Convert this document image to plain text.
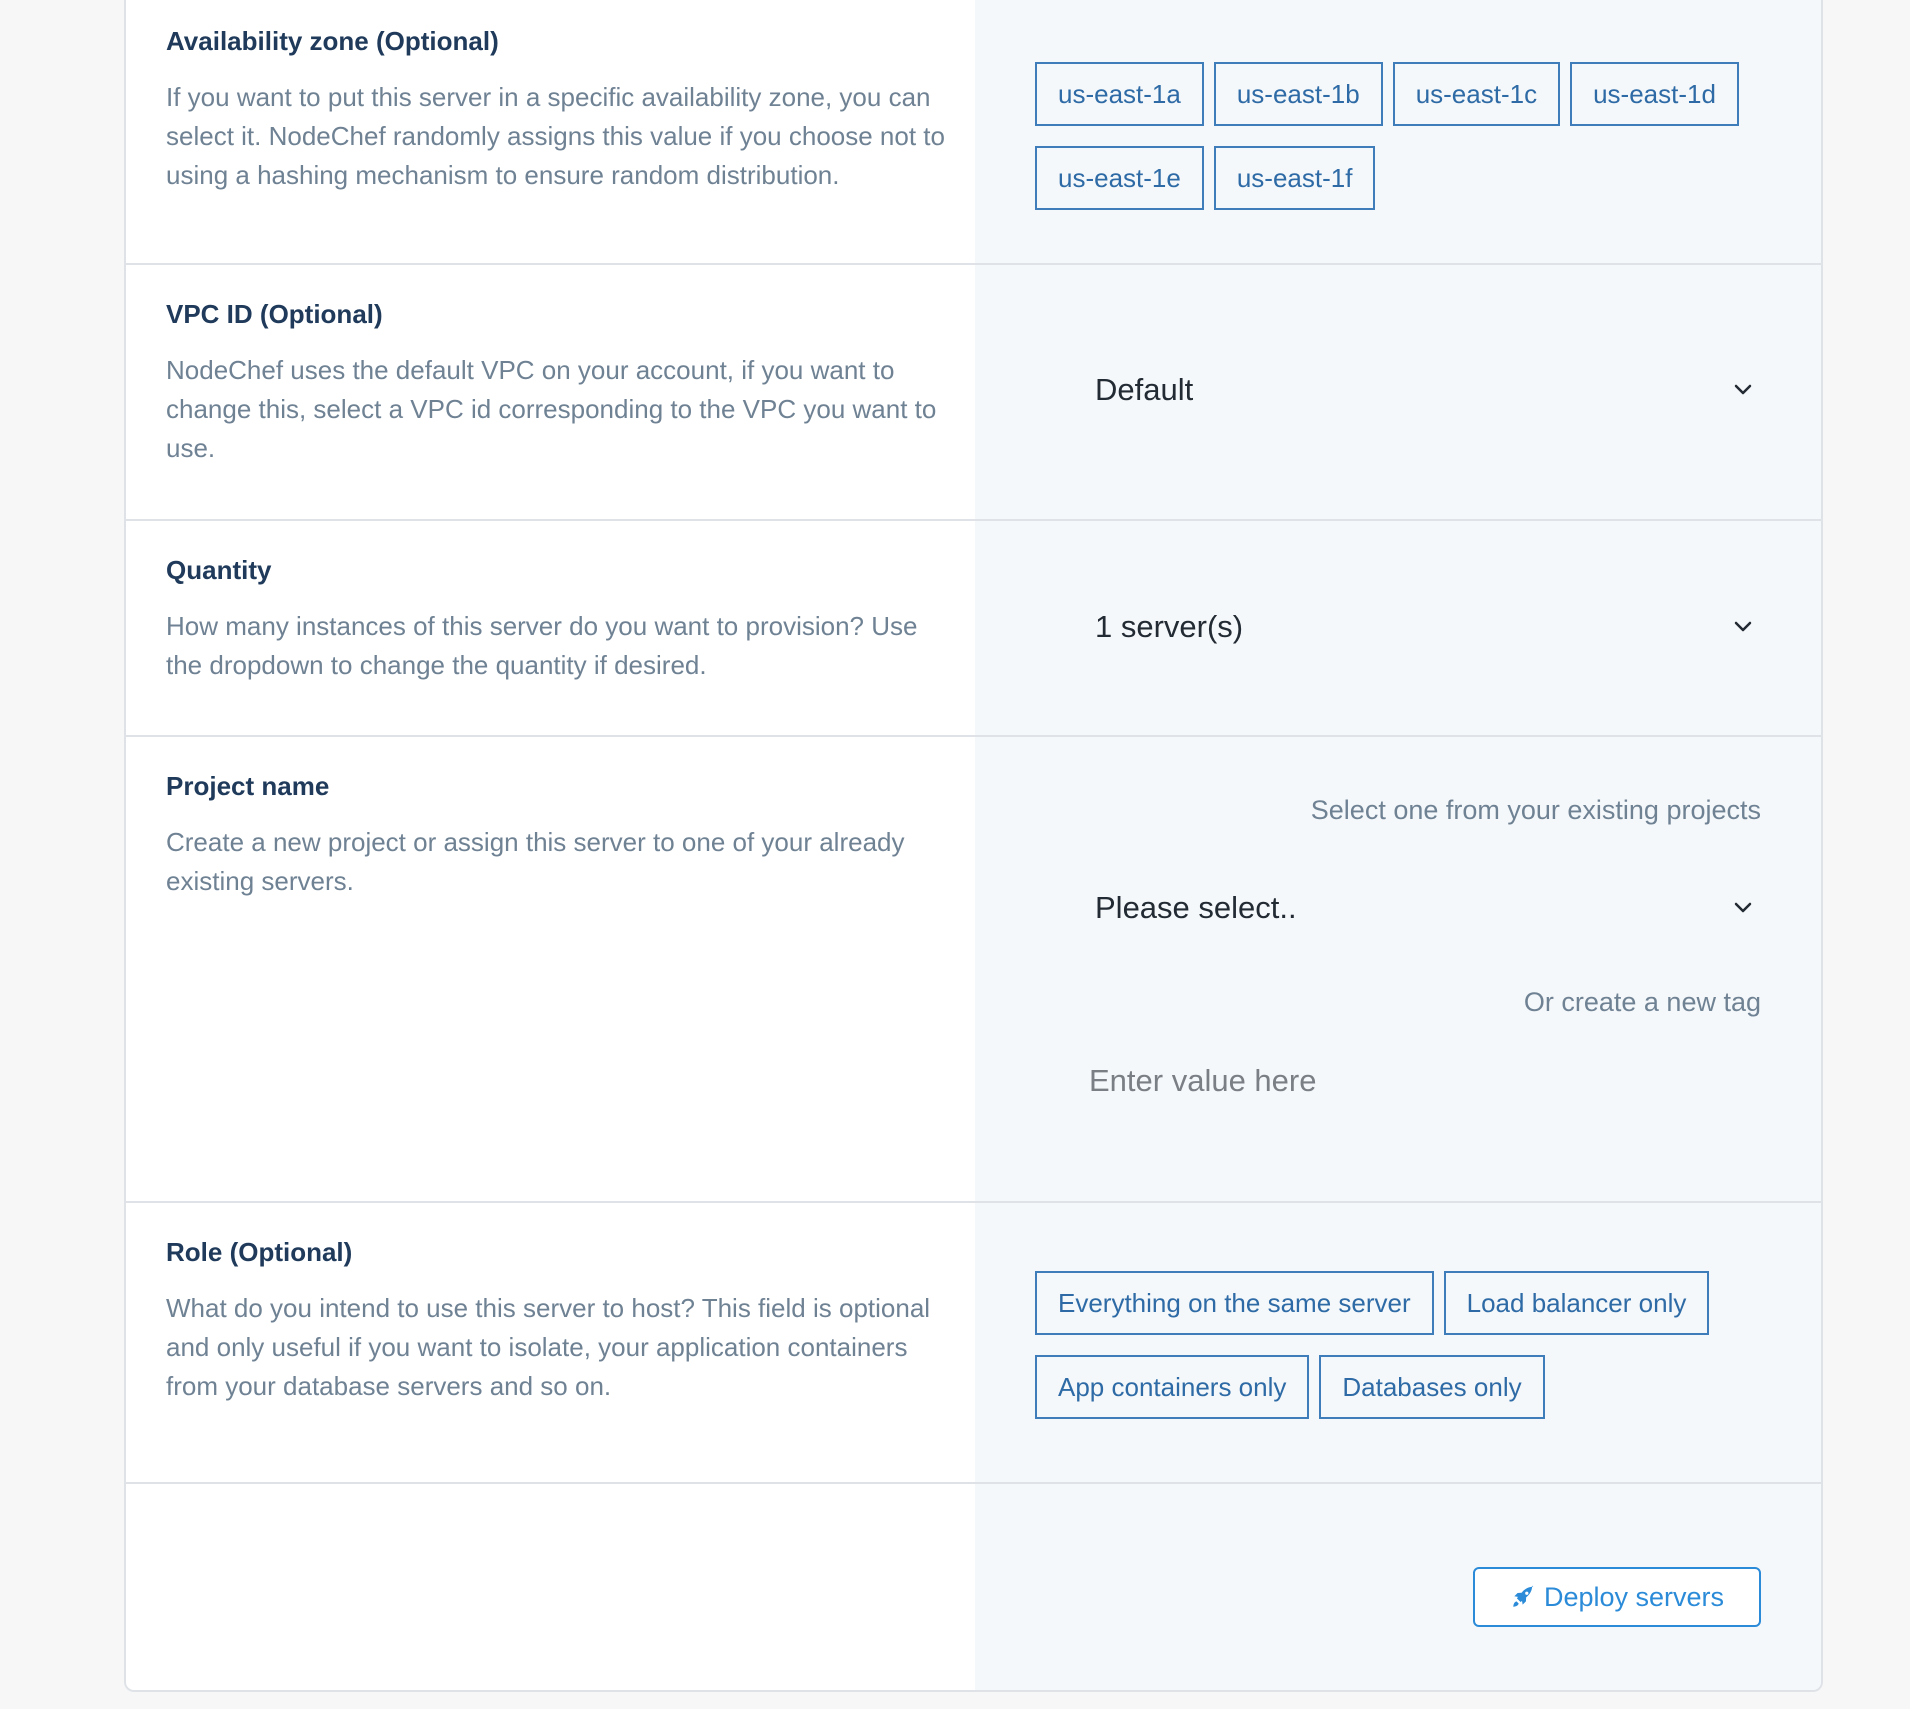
Availability zone (Optional)

If you want to put this server in a specific availability zone, you can select it. NodeChef randomly assigns this value if you choose not to using a hashing mechanism to ensure random distribution.

us-east-1a us-east-1b us-east-1c us-east-1dus-east-1e us-east-1f
VPC ID (Optional)

NodeChef uses the default VPC on your account, if you want to change this, select a VPC id corresponding to the VPC you want to use.

Default
Quantity

How many instances of this server do you want to provision? Use the dropdown to change the quantity if desired.

1 server(s)
Project name

Create a new project or assign this server to one of your already existing servers.

Select one from your existing projects
Please select..
Or create a new tag
Enter value here
Role (Optional)

What do you intend to use this server to host? This field is optional and only useful if you want to isolate, your application containers from your database servers and so on.

Everything on the same server Load balancer onlyApp containers only Databases only
Deploy servers
